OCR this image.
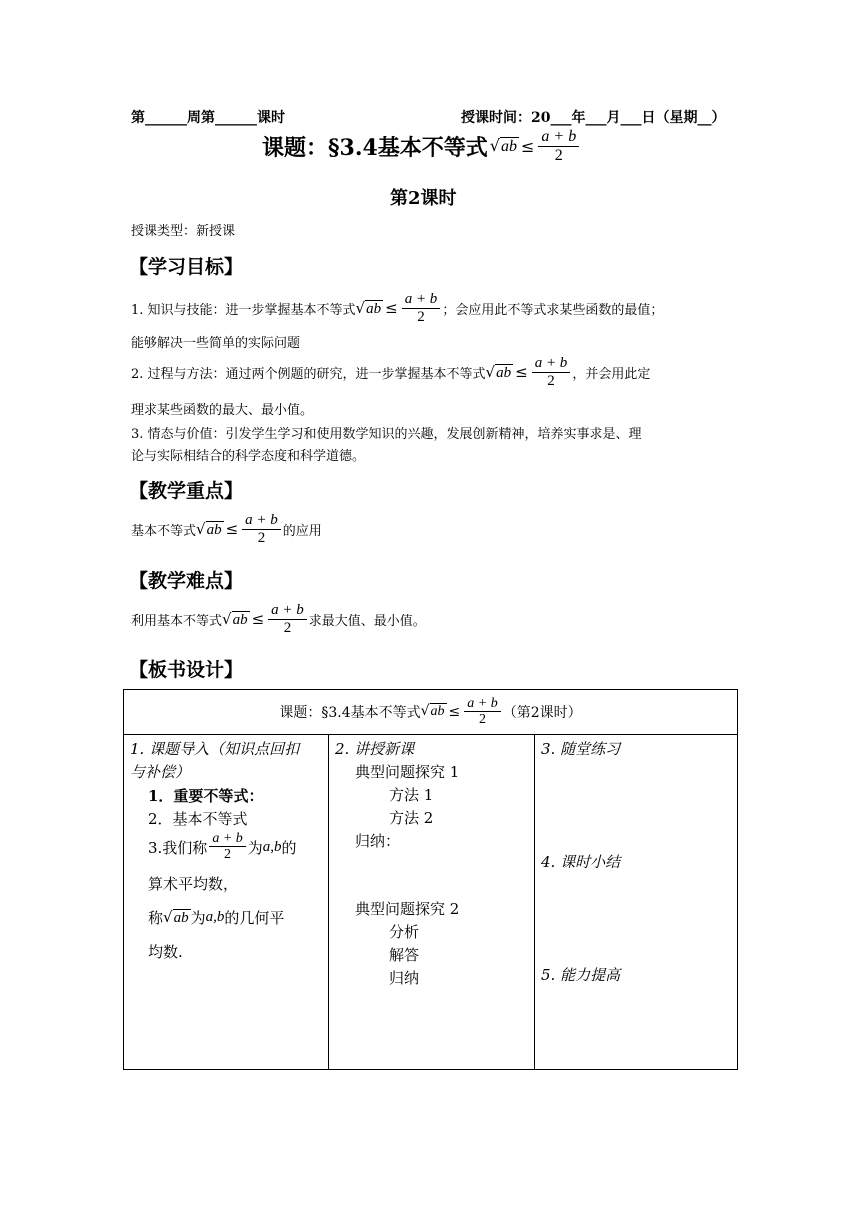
第______周第______课时	授课时间：20___年___月___日（星期__）
课题：§3.4基本不等式 $√ab \le \frac{a + b}{2}$
第2课时
授课类型：新授课
【学习目标】
1. 知识与技能：进一步掌握基本不等式 $√ab \le \frac{a + b}{2}$ ；会应用此不等式求某些函数的最值；
能够解决一些简单的实际问题
2. 过程与方法：通过两个例题的研究，进一步掌握基本不等式 $√ab \le \frac{a + b}{2}$ ，并会用此定
理求某些函数的最大、最小值。
3. 情态与价值：引发学生学习和使用数学知识的兴趣，发展创新精神，培养实事求是、理
论与实际相结合的科学态度和科学道德。
【教学重点】
基本不等式 $√ab \le \frac{a + b}{2}$ 的应用
【教学难点】
利用基本不等式 $√ab \le \frac{a + b}{2}$ 求最大值、最小值。
【板书设计】
课题：§3.4基本不等式 $√ab \le \frac{a + b}{2}$ （第2课时）

1. 课题导入（知识点回扣
与补偿）
1．重要不等式：
2．基本不等式
3.我们称 $\frac{a + b}{2}$ 为 a,b 的
算术平均数，
称 √ab 为 a,b 的几何平
均数.

2. 讲授新课
典型问题探究 1
方法 1
方法 2
归纳：
典型问题探究 2
分析
解答
归纳

3. 随堂练习
4. 课时小结
5. 能力提高
